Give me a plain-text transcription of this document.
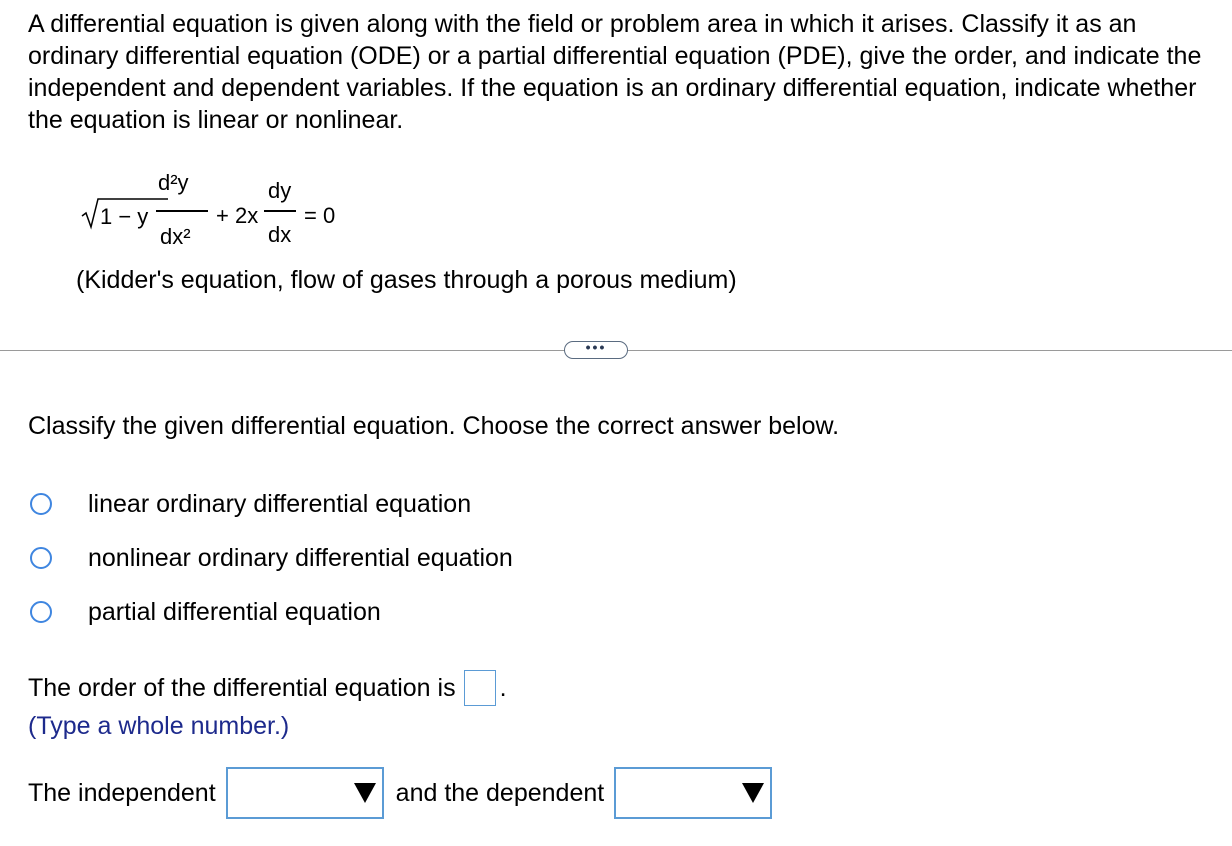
A differential equation is given along with the field or problem area in which it arises. Classify it as an ordinary differential equation (ODE) or a partial differential equation (PDE), give the order, and indicate the independent and dependent variables. If the equation is an ordinary differential equation, indicate whether the equation is linear or nonlinear.

1 − y
d²y
dx²
+ 2x
dy
dx
= 0

(Kidder's equation, flow of gases through a porous medium)

•••

Classify the given differential equation. Choose the correct answer below.

linear ordinary differential equation
nonlinear ordinary differential equation
partial differential equation
The order of the differential equation is .

(Type a whole number.)

The independent	and the dependent
